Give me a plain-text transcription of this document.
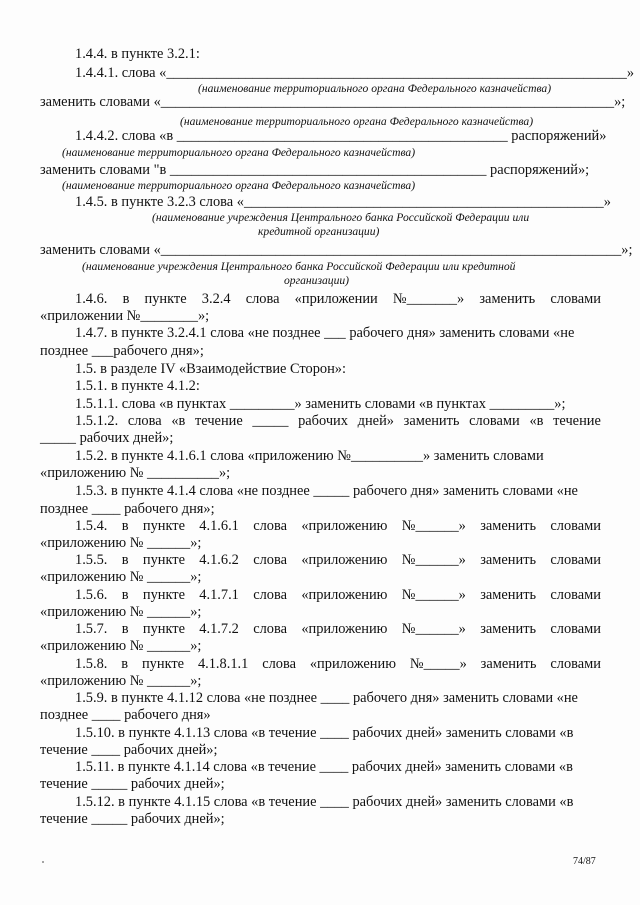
1.4.4. в пункте 3.2.1:
1.4.4.1. слова «________________________________________________________________»
(наименование территориального органа Федерального казначейства)
заменить словами «_______________________________________________________________»;
(наименование территориального органа Федерального казначейства)
1.4.4.2. слова «в ______________________________________________ распоряжений»
(наименование территориального органа Федерального казначейства)
заменить словами "в ____________________________________________ распоряжений»;
(наименование территориального органа Федерального казначейства)
1.4.5. в пункте 3.2.3 слова «__________________________________________________»
(наименование учреждения Центрального банка Российской Федерации или
кредитной организации)
заменить словами «________________________________________________________________»;
(наименование учреждения Центрального банка Российской Федерации или кредитной
организации)
1.4.6. в пункте 3.2.4 слова «приложении №_______» заменить словами
«приложении №________»;
1.4.7. в пункте 3.2.4.1 слова «не позднее ___ рабочего дня» заменить словами «не
позднее ___рабочего дня»;
1.5. в разделе IV «Взаимодействие Сторон»:
1.5.1. в пункте 4.1.2:
1.5.1.1. слова «в пунктах _________» заменить словами «в пунктах _________»;
1.5.1.2. слова «в течение _____ рабочих дней» заменить словами «в течение
_____ рабочих дней»;
1.5.2. в пункте 4.1.6.1 слова «приложению №__________» заменить словами
«приложению № __________»;
1.5.3. в пункте 4.1.4 слова «не позднее _____ рабочего дня» заменить словами «не
позднее ____ рабочего дня»;
1.5.4. в пункте 4.1.6.1 слова «приложению №______» заменить словами
«приложению № ______»;
1.5.5. в пункте 4.1.6.2 слова «приложению №______» заменить словами
«приложению № ______»;
1.5.6. в пункте 4.1.7.1 слова «приложению №______» заменить словами
«приложению № ______»;
1.5.7. в пункте 4.1.7.2 слова «приложению №______» заменить словами
«приложению № ______»;
1.5.8. в пункте 4.1.8.1.1 слова «приложению №_____» заменить словами
«приложению № ______»;
1.5.9. в пункте 4.1.12 слова «не позднее ____ рабочего дня» заменить словами «не
позднее ____ рабочего дня»
1.5.10. в пункте 4.1.13 слова «в течение ____ рабочих дней» заменить словами «в
течение ____ рабочих дней»;
1.5.11. в пункте 4.1.14 слова «в течение ____ рабочих дней» заменить словами «в
течение _____ рабочих дней»;
1.5.12. в пункте 4.1.15 слова «в течение ____ рабочих дней» заменить словами «в
течение _____ рабочих дней»;
74/87
